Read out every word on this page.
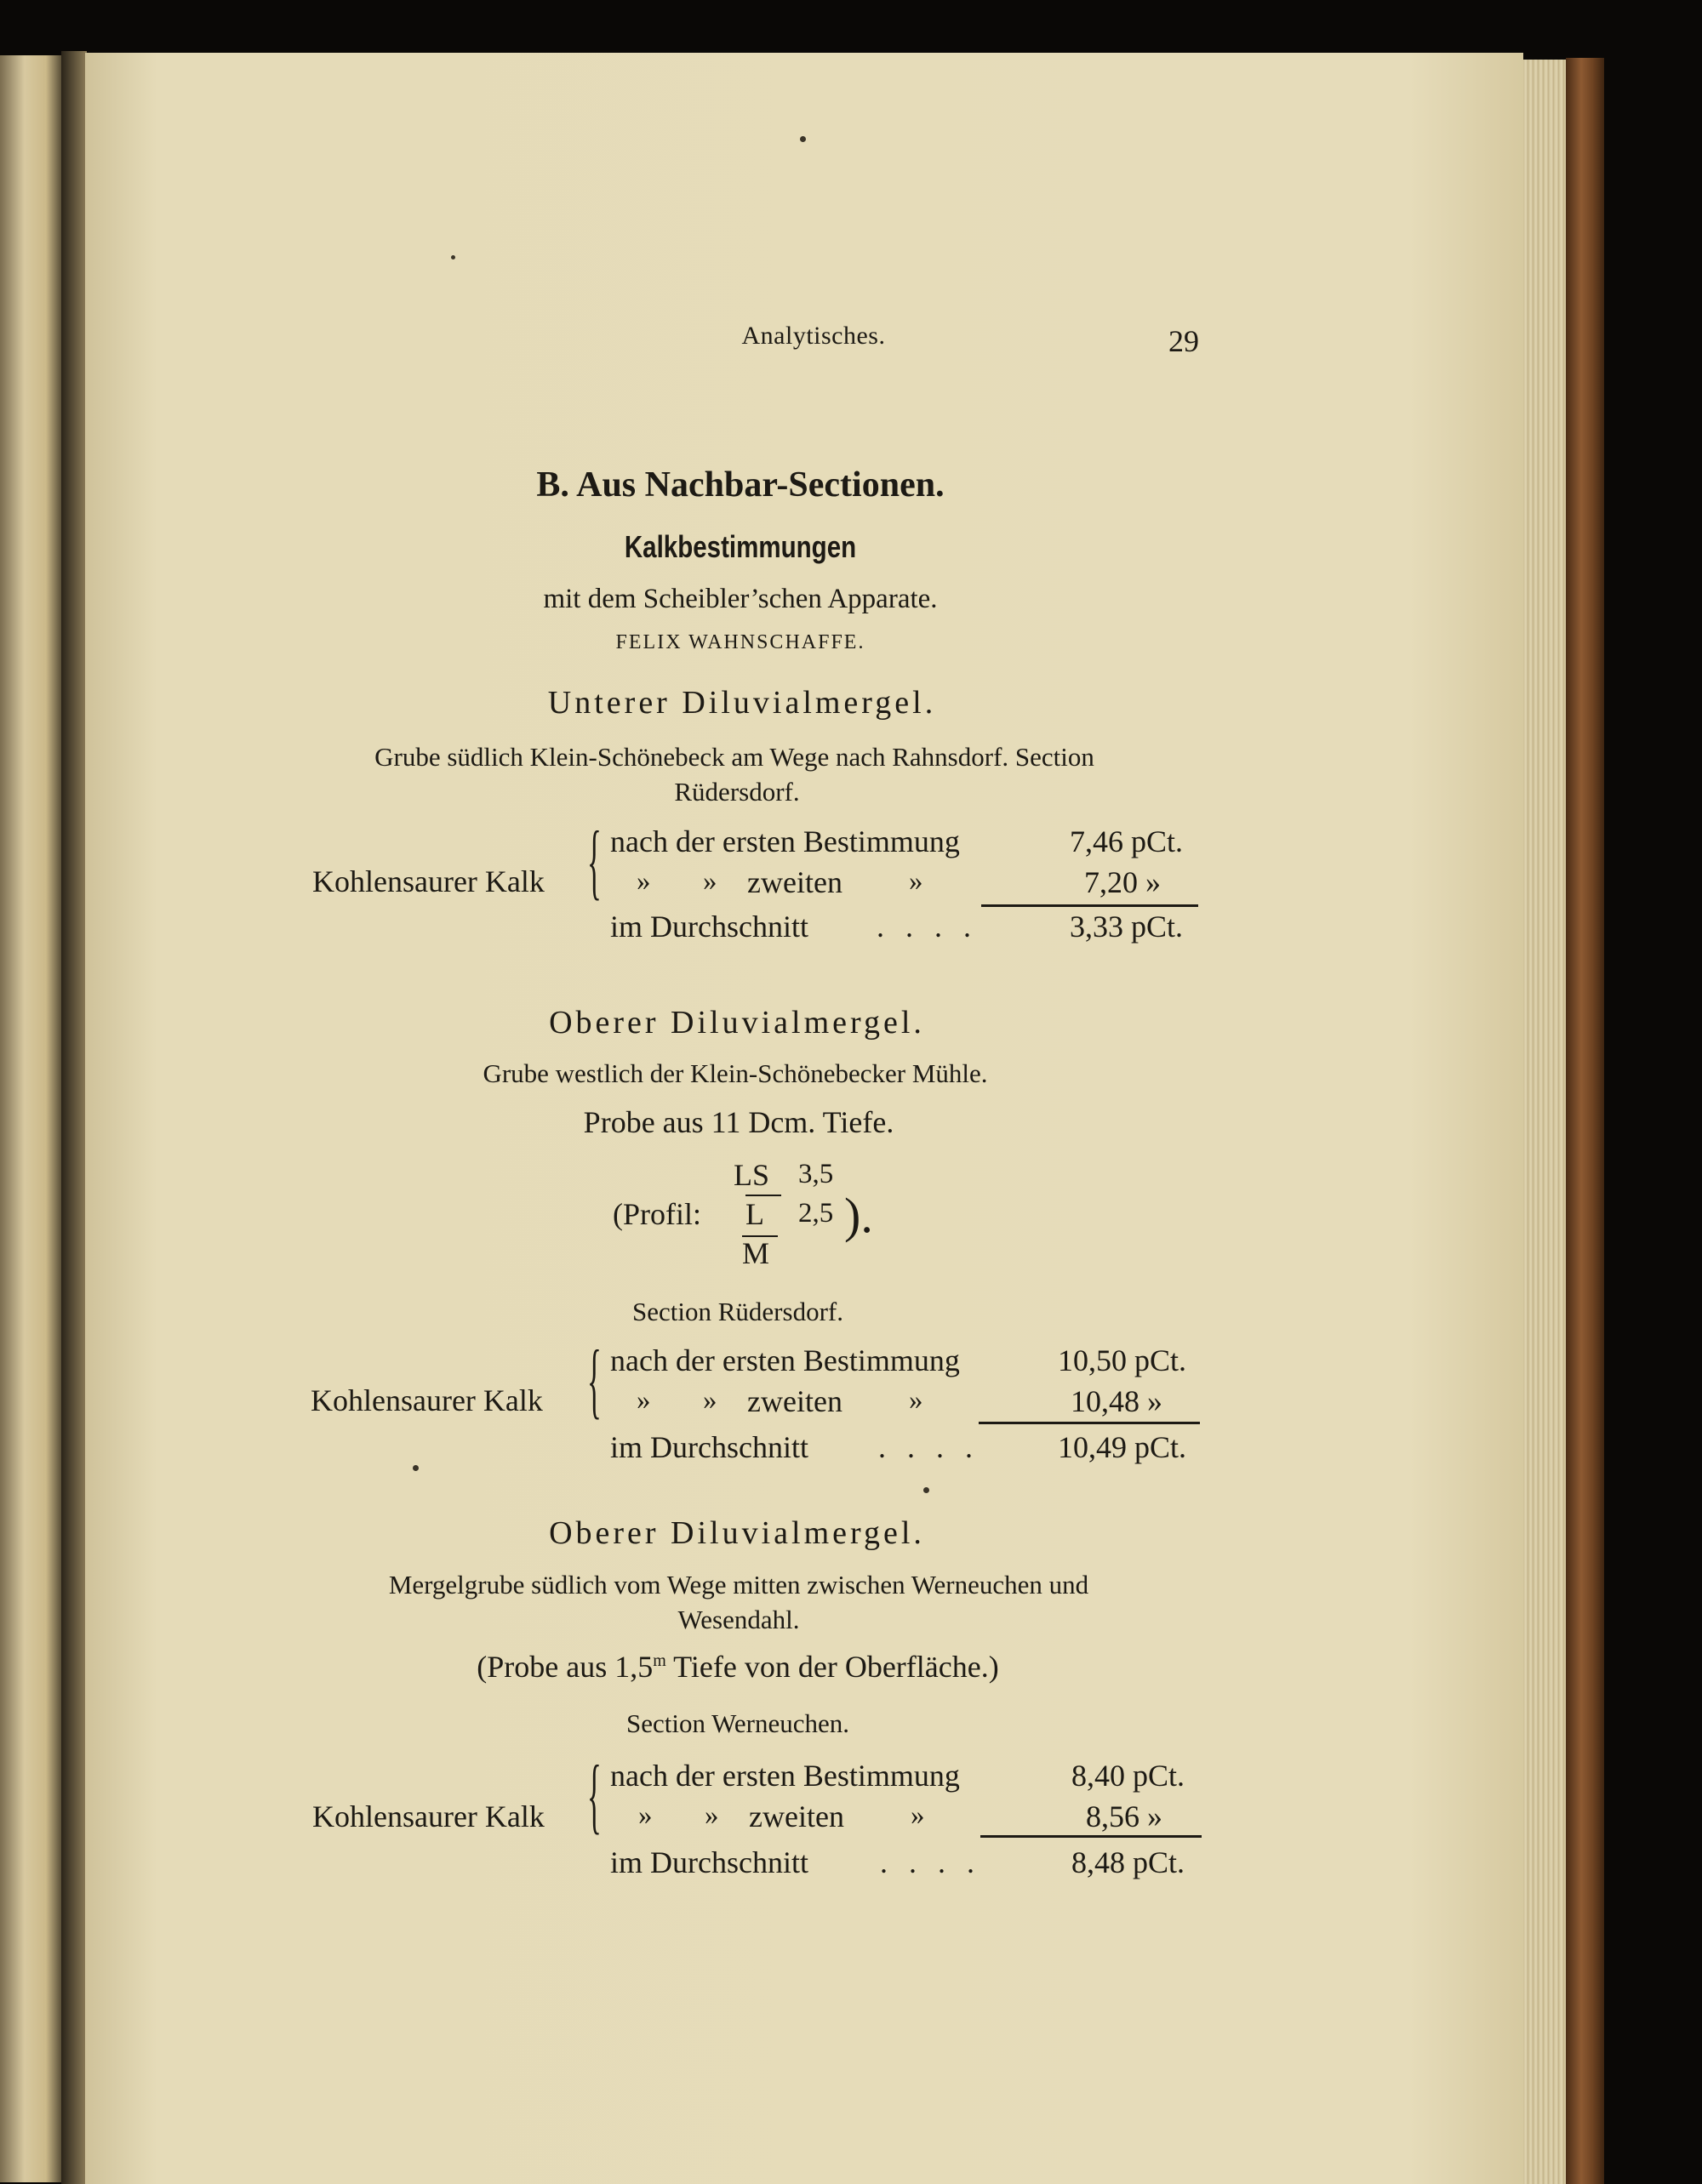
Analytisches.	29
B. Aus Nachbar-Sectionen.
Kalkbestimmungen
mit dem Scheibler’schen Apparate.
FELIX WAHNSCHAFFE.
Unterer Diluvialmergel.
Grube südlich Klein-Schönebeck am Wege nach Rahnsdorf. Section
Rüdersdorf.
Kohlensaurer Kalk { nach der ersten Bestimmung	7,46 pCt.
» » zweiten »	7,20 »
im Durchschnitt . . . .	3,33 pCt.
Oberer Diluvialmergel.
Grube westlich der Klein-Schönebecker Mühle.
Probe aus 11 Dcm. Tiefe.
(Profil:
LS 3,5
L 2,5 ).
M
Section Rüdersdorf.
Kohlensaurer Kalk { nach der ersten Bestimmung	10,50 pCt.
» » zweiten »	10,48 »
im Durchschnitt . . . .	10,49 pCt.
Oberer Diluvialmergel.
Mergelgrube südlich vom Wege mitten zwischen Werneuchen und
Wesendahl.
(Probe aus 1,5$^m$ Tiefe von der Oberfläche.)
Section Werneuchen.
Kohlensaurer Kalk { nach der ersten Bestimmung	8,40 pCt.
» » zweiten »	8,56 »
im Durchschnitt . . . .	8,48 pCt.
